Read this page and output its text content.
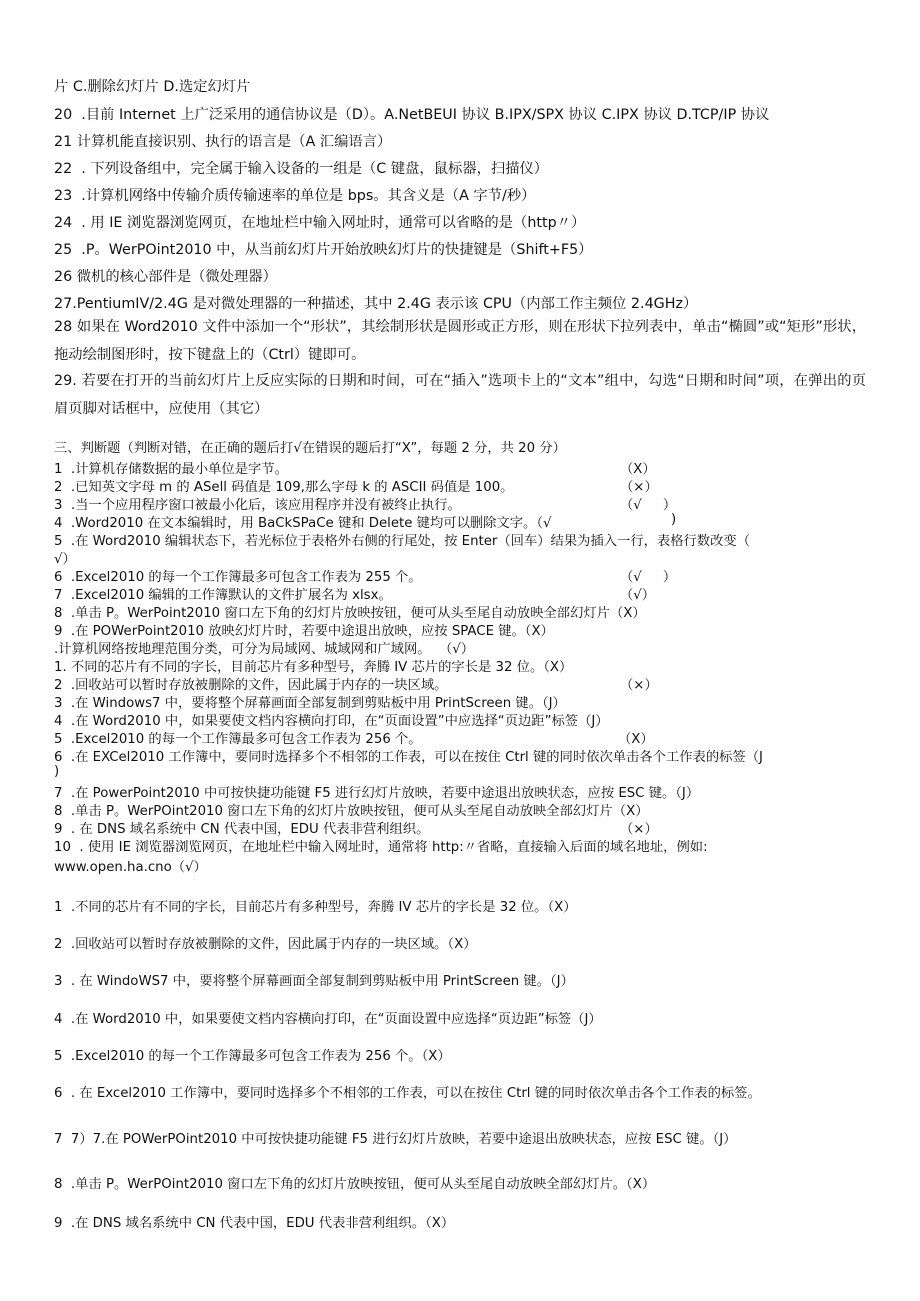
片 C.删除幻灯片 D.选定幻灯片

20  .目前 Internet 上广泛采用的通信协议是（D）。A.NetBEUI 协议 B.IPX/SPX 协议 C.IPX 协议 D.TCP/IP 协议

21 计算机能直接识别、执行的语言是（A 汇编语言）

22  . 下列设备组中，完全属于输入设备的一组是（C 键盘，鼠标器，扫描仪）

23  .计算机网络中传输介质传输速率的单位是 bps。其含义是（A 字节/秒）

24  . 用 IE 浏览器浏览网页，在地址栏中输入网址时，通常可以省略的是（http〃）

25  .P。WerPOint2010 中，从当前幻灯片开始放映幻灯片的快捷键是（Shift+F5）

26 微机的核心部件是（微处理器）

27.PentiumIV/2.4G 是对微处理器的一种描述，其中 2.4G 表示该 CPU（内部工作主频位 2.4GHz）

28 如果在 Word2010 文件中添加一个“形状”，其绘制形状是圆形或正方形，则在形状下拉列表中，单击“椭圆”或“矩形”形状，拖动绘制图形时，按下键盘上的（Ctrl）键即可。

29. 若要在打开的当前幻灯片上反应实际的日期和时间，可在“插入”选项卡上的“文本”组中，勾选“日期和时间”项，在弹出的页眉页脚对话框中，应使用（其它）

三、判断题（判断对错，在正确的题后打√在错误的题后打“X”，每题 2 分，共 20 分）

1  .计算机存储数据的最小单位是字节。	（X）

2  .已知英文字母 m 的 ASell 码值是 109,那么字母 k 的 ASCII 码值是 100。	（×）

3  .当一个应用程序窗口被最小化后，该应用程序并没有被终止执行。	（√     ）

4  .Word2010 在文本编辑时，用 BaCkSPaCe 键和 Delete 键均可以删除文字。（√	)

5  .在 Word2010 编辑状态下，若光标位于表格外右侧的行尾处，按 Enter（回车）结果为插入一行，表格行数改变（

√）

6  .Excel2010 的每一个工作簿最多可包含工作表为 255 个。	（√     ）

7  .Excel2010 编辑的工作簿默认的文件扩展名为 xlsx。	（√）

8  .单击 P。WerPoint2010 窗口左下角的幻灯片放映按钮，便可从头至尾自动放映全部幻灯片（X）

9  .在 POWerPoint2010 放映幻灯片时，若要中途退出放映，应按 SPACE 键。（X）

.计算机网络按地理范围分类，可分为局域网、城域网和广域网。  （√）

1. 不同的芯片有不同的字长，目前芯片有多种型号，奔腾 IV 芯片的字长是 32 位。（X）

2  .回收站可以暂时存放被删除的文件，因此属于内存的一块区域。	（×）

3  .在 Windows7 中，要将整个屏幕画面全部复制到剪贴板中用 PrintScreen 键。（J）

4  .在 Word2010 中，如果要使文档内容横向打印，在“页面设置”中应选择“页边距”标签（J）

5  .Excel2010 的每一个工作簿最多可包含工作表为 256 个。	（X）

6  .在 EXCel2010 工作簿中，要同时选择多个不相邻的工作表，可以在按住 Ctrl 键的同时依次单击各个工作表的标签（J

)

7  .在 PowerPoint2010 中可按快捷功能键 F5 进行幻灯片放映，若要中途退出放映状态，应按 ESC 键。（J）

8  .单击 P。WerPOint2010 窗口左下角的幻灯片放映按钮，便可从头至尾自动放映全部幻灯片（X）

9  . 在 DNS 域名系统中 CN 代表中国，EDU 代表非营利组织。	（×）

10  . 使用 IE 浏览器浏览网页，在地址栏中输入网址时，通常将 http:〃省略，直接输入后面的域名地址，例如:

www.open.ha.cno（√）

1  .不同的芯片有不同的字长，目前芯片有多种型号，奔腾 IV 芯片的字长是 32 位。（X）

2  .回收站可以暂时存放被删除的文件，因此属于内存的一块区域。（X）

3  . 在 WindoWS7 中，要将整个屏幕画面全部复制到剪贴板中用 PrintScreen 键。（J）

4  .在 Word2010 中，如果要使文档内容横向打印，在“页面设置中应选择“页边距”标签（J）

5  .Excel2010 的每一个工作簿最多可包含工作表为 256 个。（X）

6  . 在 Excel2010 工作簿中，要同时选择多个不相邻的工作表，可以在按住 Ctrl 键的同时依次单击各个工作表的标签。

7  7）7.在 POWerPOint2010 中可按快捷功能键 F5 进行幻灯片放映，若要中途退出放映状态，应按 ESC 键。（J）

8  .单击 P。WerPOint2010 窗口左下角的幻灯片放映按钮，便可从头至尾自动放映全部幻灯片。（X）

9  .在 DNS 域名系统中 CN 代表中国，EDU 代表非营利组织。（X）
